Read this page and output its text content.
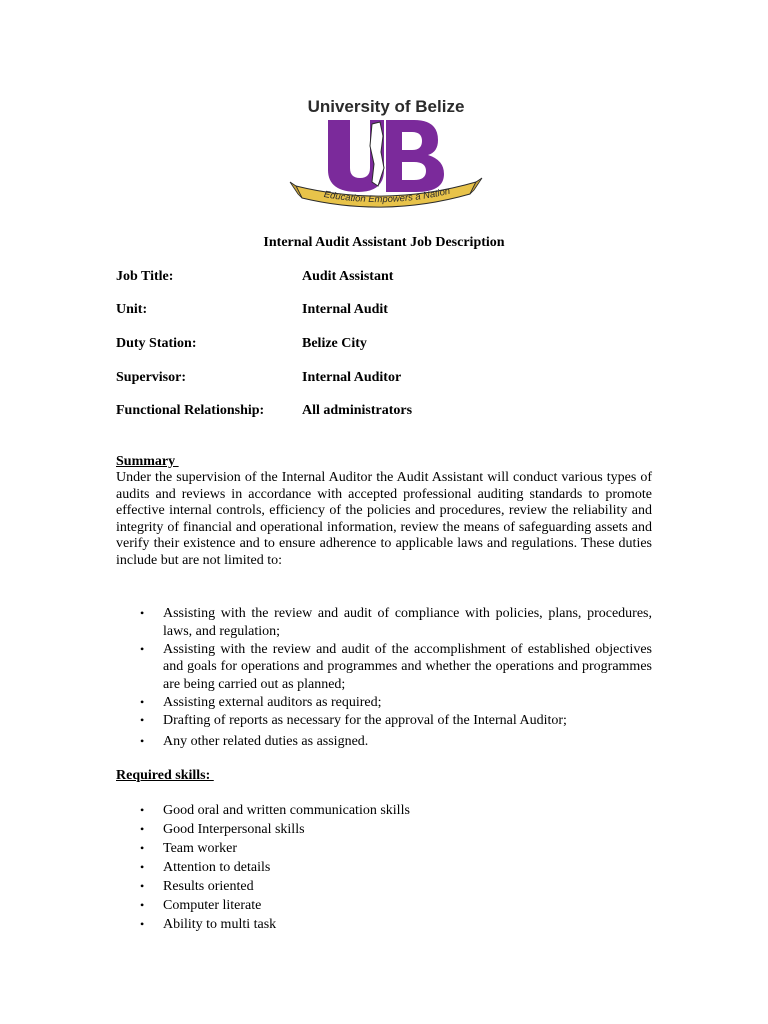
University of Belize
Education Empowers a Nation
Internal Audit Assistant Job Description
Job Title:	Audit Assistant
Unit:	Internal Audit
Duty Station:	Belize City
Supervisor:	Internal Auditor
Functional Relationship:	All administrators
Summary

Under the supervision of the Internal Auditor the Audit Assistant will conduct various types of audits and reviews in accordance with accepted professional auditing standards to promote effective internal controls, efficiency of the policies and procedures, review the reliability and integrity of financial and operational information, review the means of safeguarding assets and verify their existence and to ensure adherence to applicable laws and regulations. These duties include but are not limited to:

• Assisting with the review and audit of compliance with policies, plans, procedures, laws, and regulation;
• Assisting with the review and audit of the accomplishment of established objectives and goals for operations and programmes and whether the operations and programmes are being carried out as planned;
• Assisting external auditors as required;
• Drafting of reports as necessary for the approval of the Internal Auditor;
• Any other related duties as assigned.
Required skills:
• Good oral and written communication skills
• Good Interpersonal skills
• Team worker
• Attention to details
• Results oriented
• Computer literate
• Ability to multi task
